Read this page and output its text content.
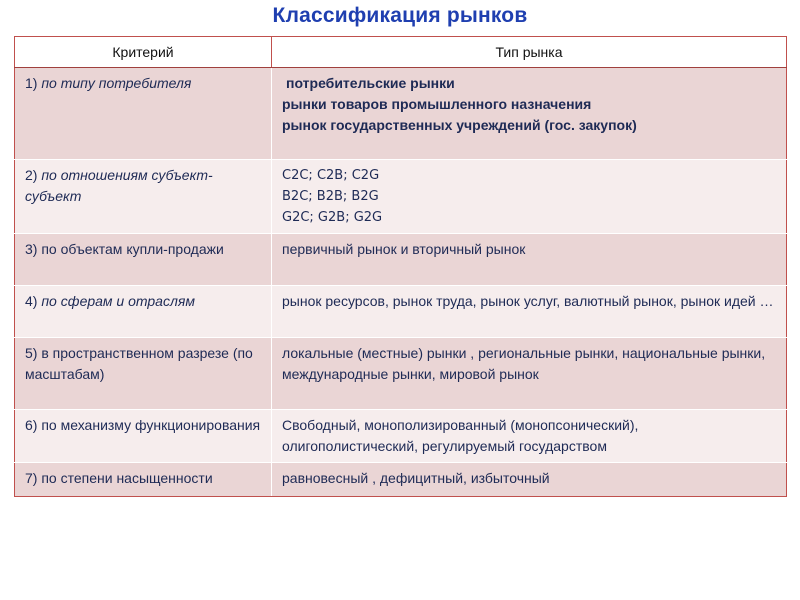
Классификация рынков
Критерий	Тип рынка
1) по типу потребителя	потребительские рынки
рынки товаров промышленного назначения
рынок государственных учреждений (гос. закупок)

2) по отношениям субъект-субъект	C2C; C2B; C2G
B2C; B2B; B2G
G2C; G2B; G2G

3) по объектам купли-продажи	первичный рынок и вторичный рынок

4) по сферам и отраслям	рынок ресурсов, рынок труда, рынок услуг, валютный рынок, рынок идей …

5) в пространственном разрезе (по масштабам)	локальные (местные) рынки , региональные рынки, национальные рынки, международные рынки, мировой рынок

6) по механизму функционирования	Свободный, монополизированный (монопсонический), олигополистический, регулируемый государством

7) по степени насыщенности	равновесный , дефицитный, избыточный
